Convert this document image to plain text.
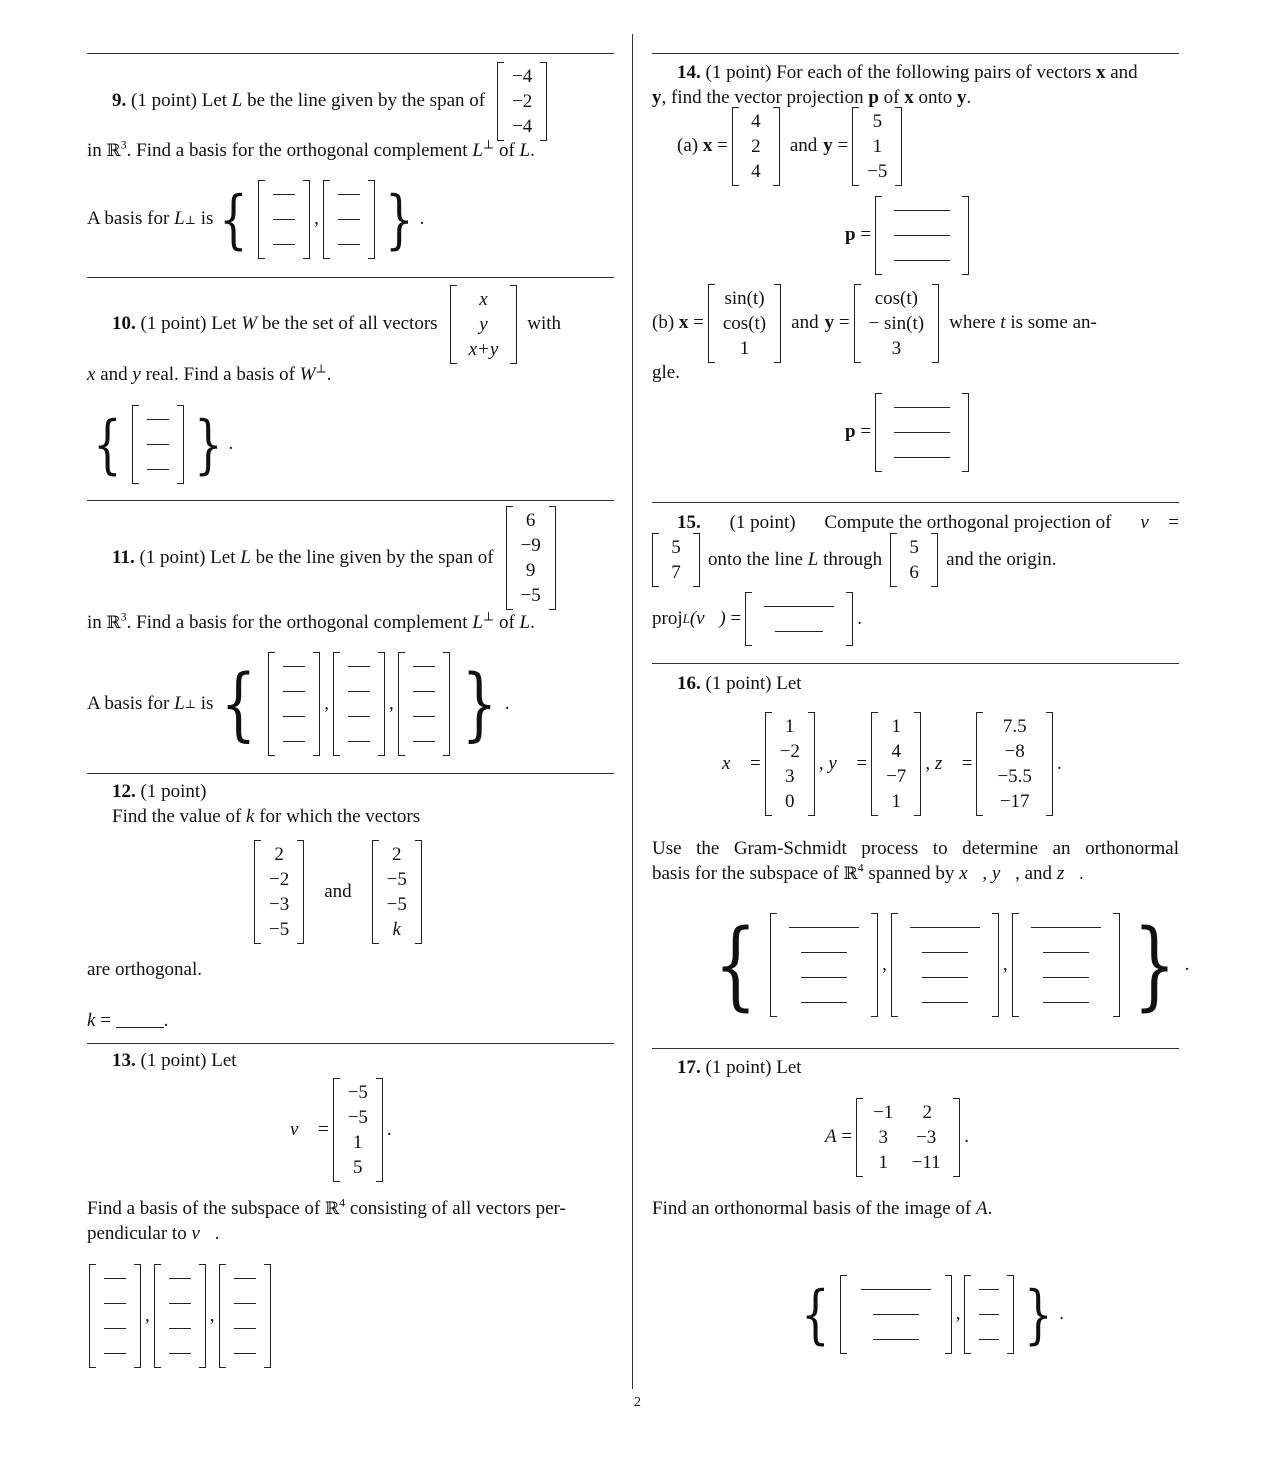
9.
(1 point)
Let
L
be the line given by the span of
−4
−2
−4
in ℝ$^3$. Find a basis for the orthogonal complement L⊥ of L.
A basis for
L ⊥
is {	, } .
10.
(1 point)
Let
W
be the set of all vectors
x
y
x+y
with
x and y real. Find a basis of W⊥.
{ } .
11.
(1 point)
Let
L
be the line given by the span of
6
−9
9
−5
in ℝ$^3$. Find a basis for the orthogonal complement L⊥ of L.
A basis for
L ⊥
is {	,	, } .
12. (1 point)
Find the value of k for which the vectors
2
−2
−3
−5
and
2
−5
−5
k
are orthogonal.
k
=
	.
13. (1 point) Let
v⃗
=
−5
−5
1
5
.
Find a basis of the subspace of ℝ$^4$ consisting of all vectors per-
pendicular to v⃗.
,	,
14. (1 point) For each of the following pairs of vectors x and
y, find the vector projection p of x onto y.
(a)
x
=
4
2
4
and y
=
5
1
−5
p
=
(b)
x
=
sin(t)
cos(t)
1
and y
=
cos(t)
− sin(t)
3
where
t
is some an-
gle.
p
=
15. (1 point) Compute the orthogonal projection of v⃗ =
5
7
onto the line
L
through
5
6
and the origin.
proj L (v⃗)
=	.
16. (1 point) Let
x⃗
=
1
−2
3
0
,
y⃗
=
1
4
−7
1
,
z⃗
=
7.5
−8
−5.5
−17
.
Use the Gram-Schmidt process to determine an orthonormal
basis for the subspace of ℝ$^4$ spanned by x⃗, y⃗, and z⃗.
{	,	, } .
17. (1 point) Let
A
=
−1	2
3	−3
1 −11
.
Find an orthonormal basis of the image of A.
{	, } .
2
